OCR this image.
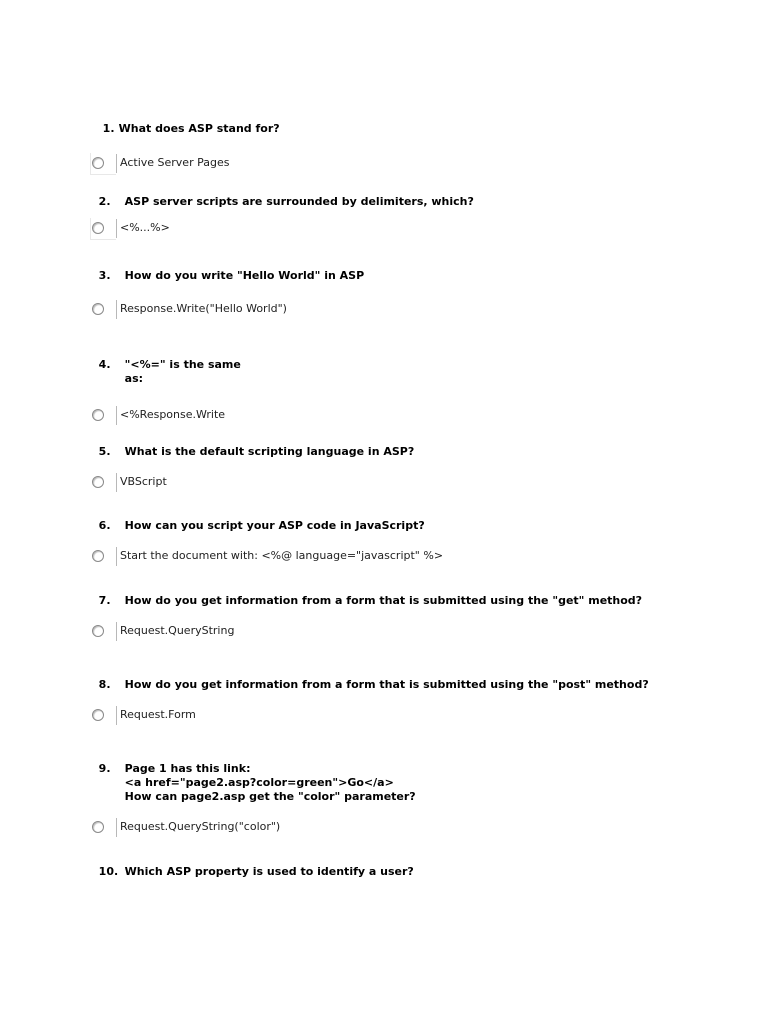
1. What does ASP stand for?

Active Server Pages

2. ASP server scripts are surrounded by delimiters, which?

<%...%>

3. How do you write "Hello World" in ASP

Response.Write("Hello World")

4. "<%=" is the same
as:

<%Response.Write

5. What is the default scripting language in ASP?

VBScript

6. How can you script your ASP code in JavaScript?

Start the document with: <%@ language="javascript" %>

7. How do you get information from a form that is submitted using the "get" method?

Request.QueryString

8. How do you get information from a form that is submitted using the "post" method?

Request.Form

9. Page 1 has this link:
<a href="page2.asp?color=green">Go</a>
How can page2.asp get the "color" parameter?

Request.QueryString("color")

10. Which ASP property is used to identify a user?
